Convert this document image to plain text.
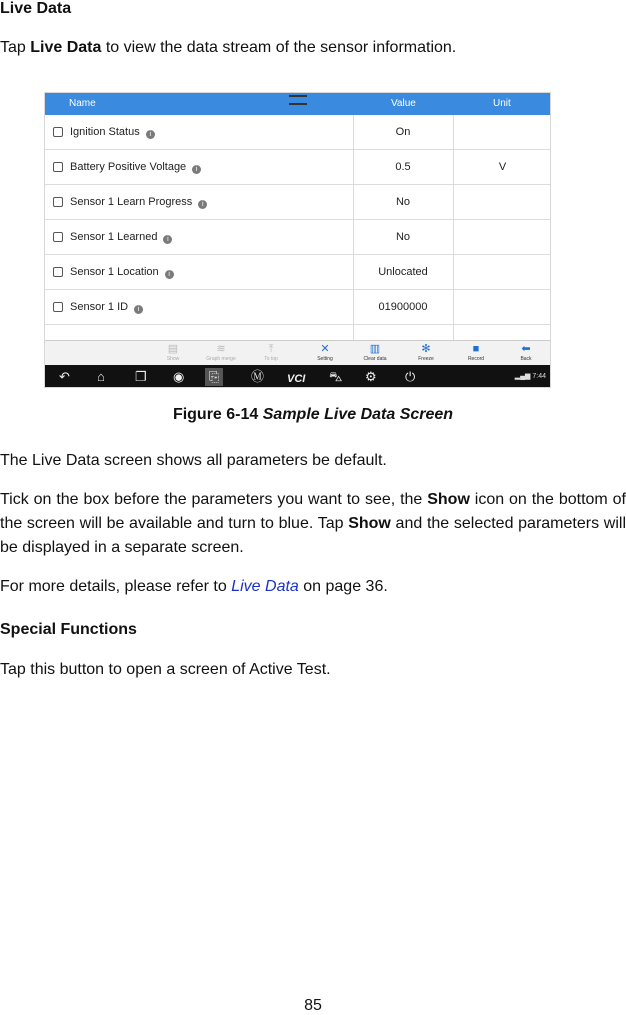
Live Data

Tap Live Data to view the data stream of the sensor information.

Name	Value	Unit
Ignition Status i	On
Battery Positive Voltage i	0.5	V
Sensor 1 Learn Progress i	No
Sensor 1 Learned i	No
Sensor 1 Location i	Unlocated
Sensor 1 ID i	01900000
▤
Show
≋
Graph merge
⤒
To top
✕
Setting
▥
Clear data
✻
Freeze
■
Record
⬅
Back
↶ ⌂ ❐ ◉	⎘	Ⓜ VCI ⛍ ⚙ ⏻	▂▄▆ 7:44

Figure 6-14 Sample Live Data Screen

The Live Data screen shows all parameters be default.

Tick on the box before the parameters you want to see, the Show icon on the bottom of the screen will be available and turn to blue. Tap Show and the selected parameters will be displayed in a separate screen.

For more details, please refer to Live Data on page 36.

Special Functions

Tap this button to open a screen of Active Test.

85
